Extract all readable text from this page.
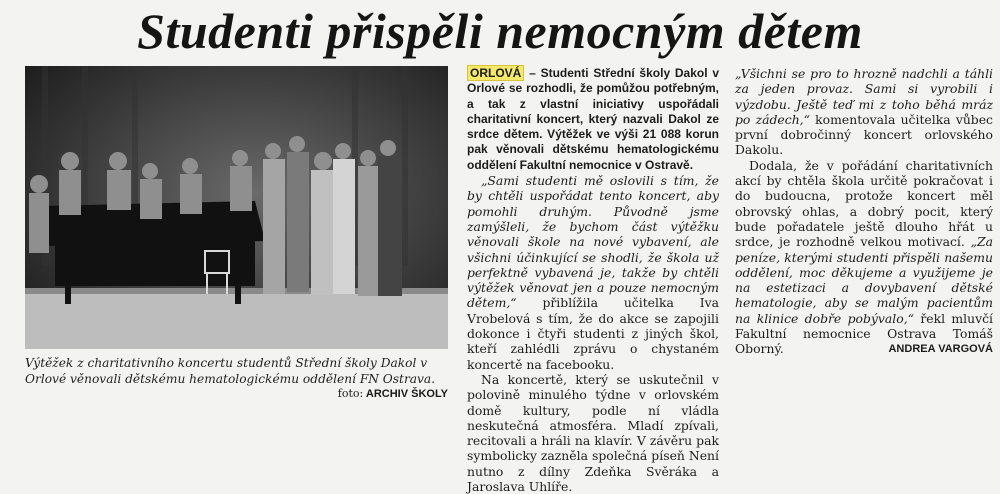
Studenti přispěli nemocným dětem
Výtěžek z charitativního koncertu studentů Střední školy Dakol v Orlové věnovali dětskému hematologickému oddělení FN Ostrava.
foto: ARCHIV ŠKOLY

ORLOVÁ – Studenti Střední školy Dakol v Orlové se rozhodli, že pomůžou potřebným, a tak z vlastní iniciativy uspořádali charitativní koncert, který nazvali Dakol ze srdce dětem. Výtěžek ve výši 21 088 korun pak věnovali dětskému hematologickému oddělení Fakultní nemocnice v Ostravě.

„Sami studenti mě oslovili s tím, že by chtěli uspořádat tento koncert, aby pomohli druhým. Původně jsme zamýšleli, že bychom část výtěžku věnovali škole na nové vybavení, ale všichni účinkující se shodli, že škola už perfektně vybavená je, takže by chtěli výtěžek věnovat jen a pouze nemocným dětem,“ přiblížila učitelka Iva Vrobelová s tím, že do akce se zapojili dokonce i čtyři studenti z jiných škol, kteří zahlédli zprávu o chystaném koncertě na facebooku.

Na koncertě, který se uskutečnil v polovině minulého týdne v orlovském domě kultury, podle ní vládla neskutečná atmosféra. Mladí zpívali, recitovali a hráli na klavír. V závěru pak symbolicky zazněla společná píseň Není nutno z dílny Zdeňka Svěráka a Jaroslava Uhlíře.

„Všichni se pro to hrozně nadchli a táhli za jeden provaz. Sami si vyrobili i výzdobu. Ještě teď mi z toho běhá mráz po zádech,“ komentovala učitelka vůbec první dobročinný koncert orlovského Dakolu.

Dodala, že v pořádání charitativních akcí by chtěla škola určitě pokračovat i do budoucna, protože koncert měl obrovský ohlas, a dobrý pocit, který bude pořadatele ještě dlouho hřát u srdce, je rozhodně velkou motivací. „Za peníze, kterými studenti přispěli našemu oddělení, moc děkujeme a využijeme je na estetizaci a dovybavení dětské hematologie, aby se malým pacientům na klinice dobře pobývalo,“ řekl mluvčí Fakultní nemocnice Ostrava Tomáš Oborný.	ANDREA VARGOVÁ
